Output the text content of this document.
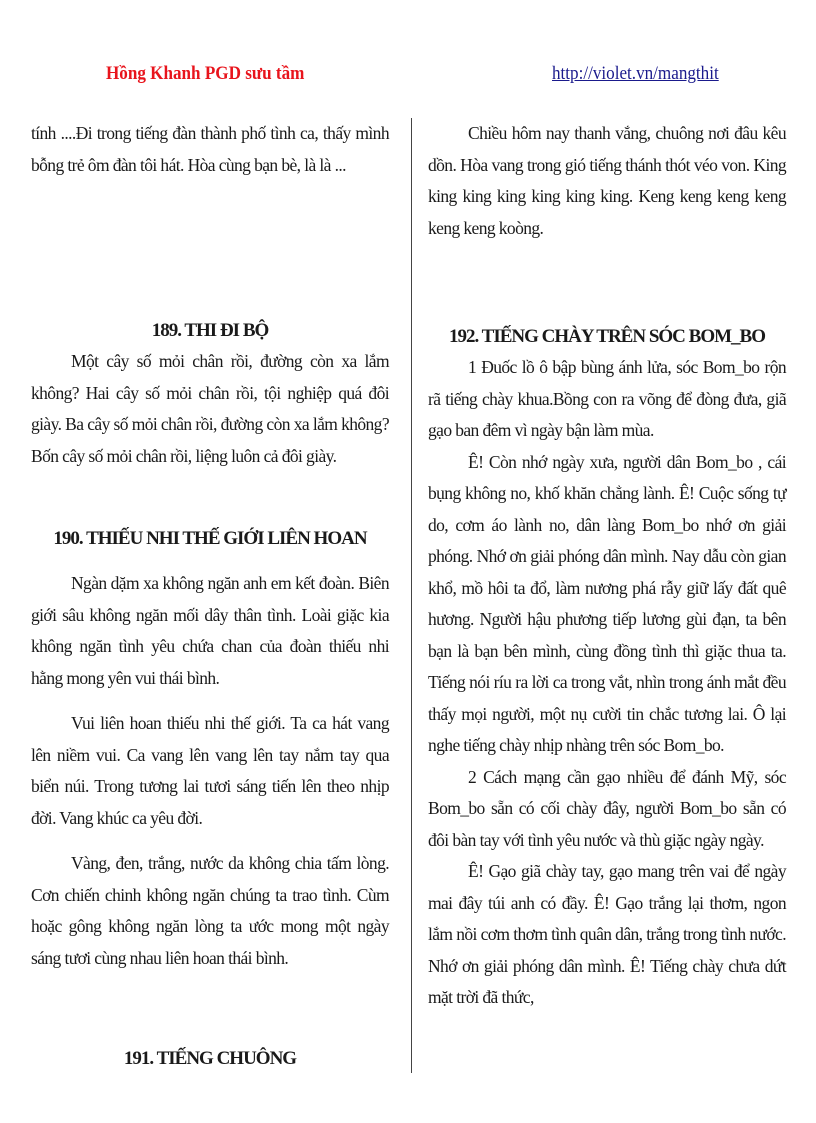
Hồng Khanh PGD sưu tầm	http://violet.vn/mangthit

tính ....Đi trong tiếng đàn thành phố tình ca, thấy mình bỗng trẻ ôm đàn tôi hát. Hòa cùng bạn bè, là là ...

189. THI ĐI BỘ

Một cây số mỏi chân rồi, đường còn xa lắm không? Hai cây số mỏi chân rồi, tội nghiệp quá đôi giày. Ba cây số mỏi chân rồi, đường còn xa lắm không? Bốn cây số mỏi chân rồi, liệng luôn cả đôi giày.

190. THIẾU NHI THẾ GIỚI LIÊN HOAN

Ngàn dặm xa không ngăn anh em kết đoàn. Biên giới sâu không ngăn mối dây thân tình. Loài giặc kia không ngăn tình yêu chứa chan của đoàn thiếu nhi hằng mong yên vui thái bình.

Vui liên hoan thiếu nhi thế giới. Ta ca hát vang lên niềm vui. Ca vang lên vang lên tay nắm tay qua biển núi. Trong tương lai tươi sáng tiến lên theo nhịp đời. Vang khúc ca yêu đời.

Vàng, đen, trắng, nước da không chia tấm lòng. Cơn chiến chinh không ngăn chúng ta trao tình. Cùm hoặc gông không ngăn lòng ta ước mong một ngày sáng tươi cùng nhau liên hoan thái bình.

191. TIẾNG CHUÔNG

Chiều hôm nay thanh vắng, chuông nơi đâu kêu dồn. Hòa vang trong gió tiếng thánh thót véo von. King king king king king king king. Keng keng keng keng keng keng koòng.

192. TIẾNG CHÀY TRÊN SÓC BOM_BO

1 Đuốc lồ ô bập bùng ánh lửa, sóc Bom_bo rộn rã tiếng chày khua.Bồng con ra võng để đòng đưa, giã gạo ban đêm vì ngày bận làm mùa.

Ê! Còn nhớ ngày xưa, người dân Bom_bo , cái bụng không no, khố khăn chẳng lành. Ê! Cuộc sống tự do, cơm áo lành no, dân làng Bom_bo nhớ ơn giải phóng. Nhớ ơn giải phóng dân mình. Nay dẫu còn gian khổ, mồ hôi ta đổ, làm nương phá rẫy giữ lấy đất quê hương. Người hậu phương tiếp lương gùi đạn, ta bên bạn là bạn bên mình, cùng đồng tình thì giặc thua ta. Tiếng nói ríu ra lời ca trong vắt, nhìn trong ánh mắt đều thấy mọi người, một nụ cười tin chắc tương lai. Ô lại nghe tiếng chày nhịp nhàng trên sóc Bom_bo.

2 Cách mạng cần gạo nhiều để đánh Mỹ, sóc Bom_bo sẵn có cối chày đây, người Bom_bo sẵn có đôi bàn tay với tình yêu nước và thù giặc ngày ngày.

Ê! Gạo giã chày tay, gạo mang trên vai để ngày mai đây túi anh có đầy. Ê! Gạo trắng lại thơm, ngon lắm nồi cơm thơm tình quân dân, trắng trong tình nước. Nhớ ơn giải phóng dân mình. Ê! Tiếng chày chưa dứt mặt trời đã thức,
